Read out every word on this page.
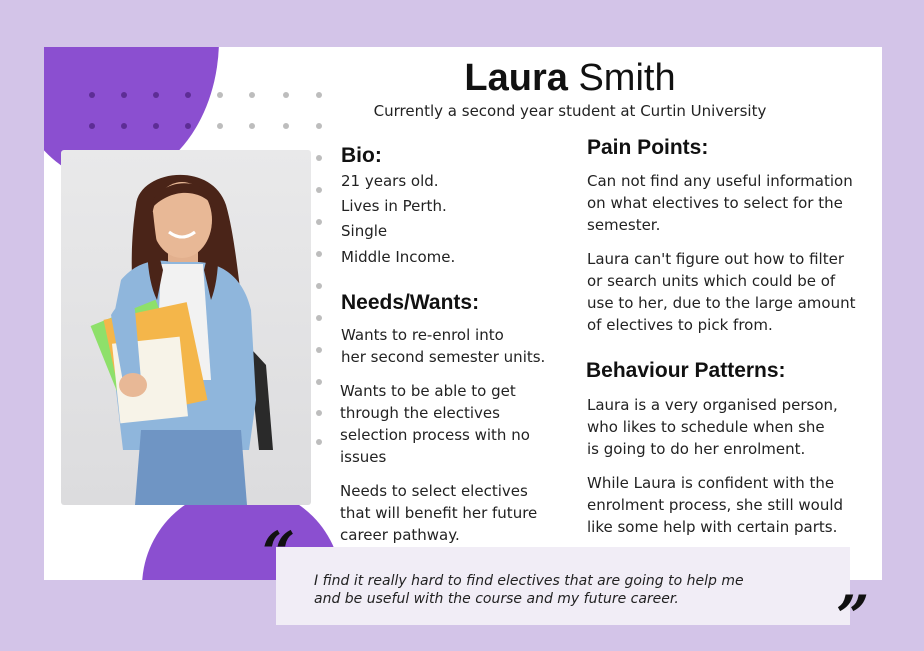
Laura Smith
Currently a second year student at Curtin University
Bio:
21 years old.
Lives in Perth.
Single
Middle Income.
Needs/Wants:
Wants to re-enrol into
her second semester units.
Wants to be able to get
through the electives
selection process with no
issues
Needs to select electives
that will benefit her future
career pathway.
Pain Points:
Can not find any useful information
on what electives to select for the
semester.
Laura can't figure out how to filter
or search units which could be of
use to her, due to the large amount
of electives to pick from.
Behaviour Patterns:
Laura is a very organised person,
who likes to schedule when she
is going to do her enrolment.
While Laura is confident with the
enrolment process, she still would
like some help with certain parts.
“ I find it really hard to find electives that are going to help me
and be useful with the course and my future career.	”
